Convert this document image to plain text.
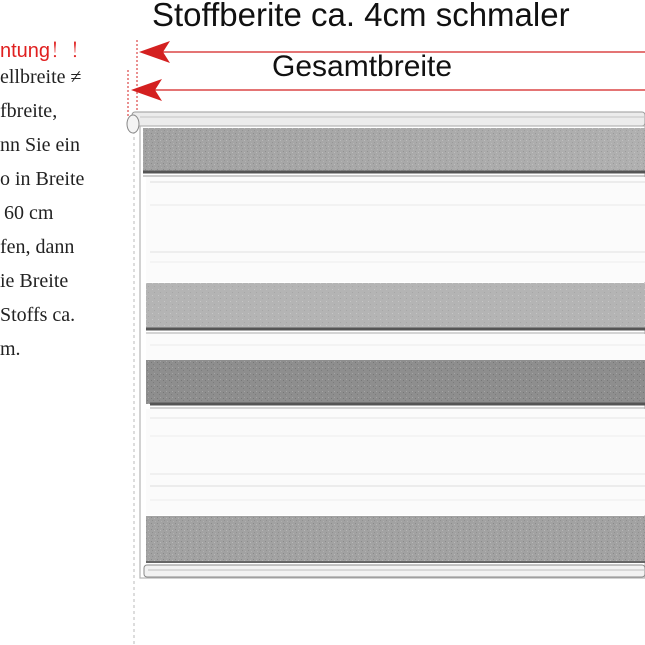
ntung！！
ellbreite ≠
fbreite,
nn Sie ein
o in Breite
60 cm
fen, dann
ie Breite
Stoffs ca.
m.
Stoffberite ca. 4cm schmaler
Gesamtbreite
